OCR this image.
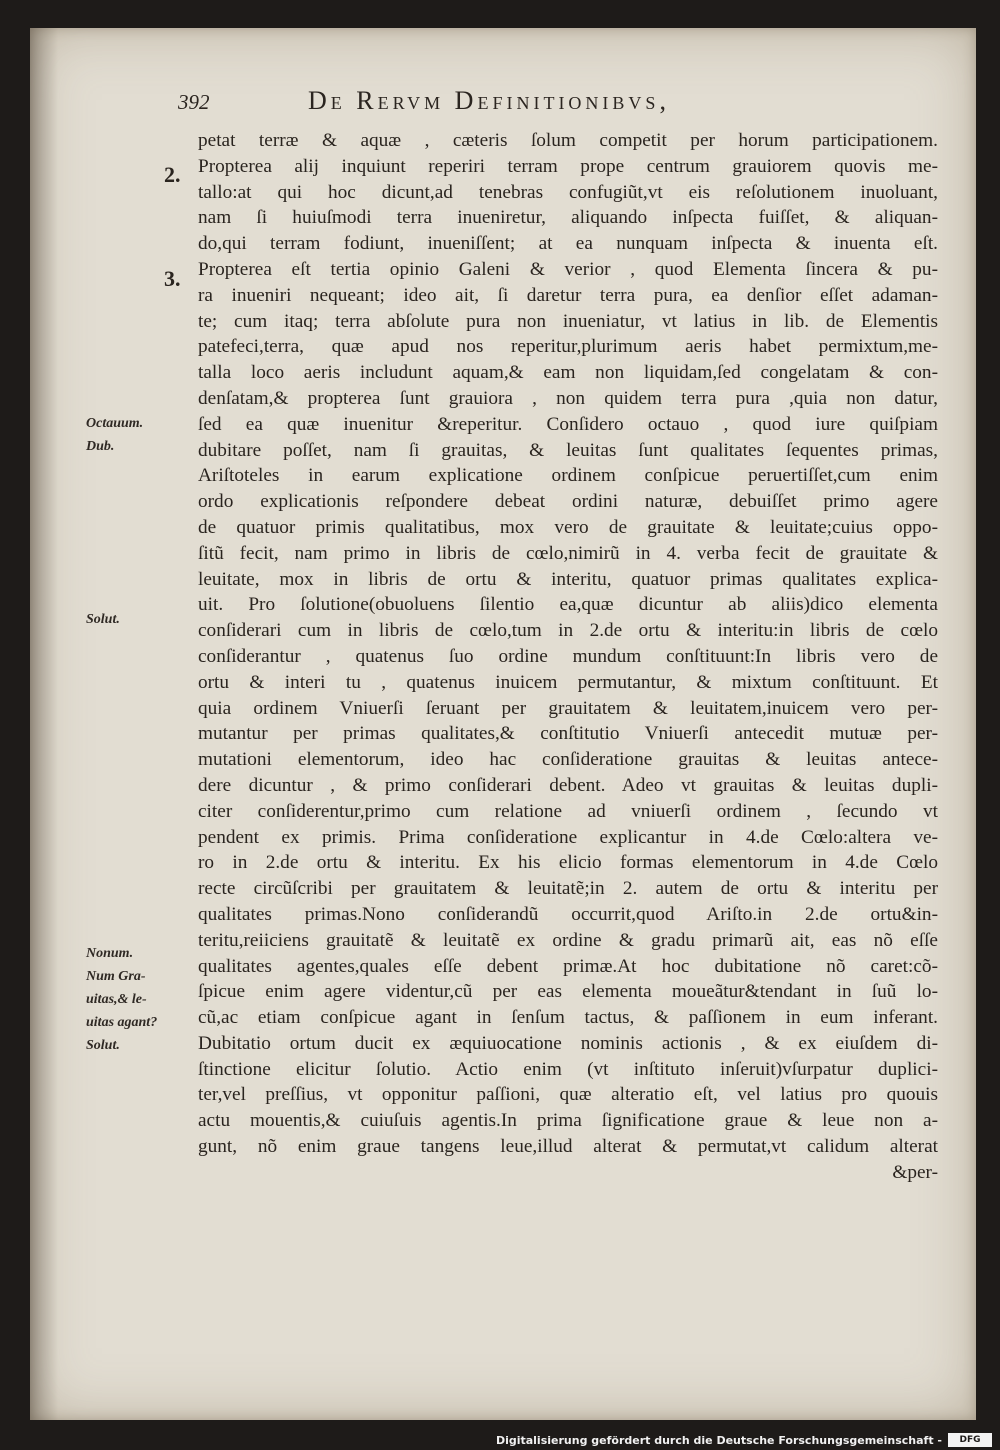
392	De Rervm Definitionibvs,
2.
3.
Octauum.
Dub.
Solut.
Nonum.
Num Gra-
uitas,& le-
uitas agant?
Solut.
petat terræ & aquæ , cæteris ſolum competit per horum participationem.
Propterea alij inquiunt reperiri terram prope centrum grauiorem quovis me-
tallo:at qui hoc dicunt,ad tenebras confugiũt,vt eis reſolutionem inuoluant,
nam ſi huiuſmodi terra inueniretur, aliquando inſpecta fuiſſet, & aliquan-
do,qui terram fodiunt, inueniſſent; at ea nunquam inſpecta & inuenta eſt.
Propterea eſt tertia opinio Galeni & verior , quod Elementa ſincera & pu-
ra inueniri nequeant; ideo ait, ſi daretur terra pura, ea denſior eſſet adaman-
te; cum itaq; terra abſolute pura non inueniatur, vt latius in lib. de Elementis
patefeci,terra, quæ apud nos reperitur,plurimum aeris habet permixtum,me-
talla loco aeris includunt aquam,& eam non liquidam,ſed congelatam & con-
denſatam,& propterea ſunt grauiora , non quidem terra pura ,quia non datur,
ſed ea quæ inuenitur &reperitur. Conſidero octauo , quod iure quiſpiam
dubitare poſſet, nam ſi grauitas, & leuitas ſunt qualitates ſequentes primas,
Ariſtoteles in earum explicatione ordinem conſpicue peruertiſſet,cum enim
ordo explicationis reſpondere debeat ordini naturæ, debuiſſet primo agere
de quatuor primis qualitatibus, mox vero de grauitate & leuitate;cuius oppo-
ſitũ fecit, nam primo in libris de cœlo,nimirũ in 4. verba fecit de grauitate &
leuitate, mox in libris de ortu & interitu, quatuor primas qualitates explica-
uit. Pro ſolutione(obuoluens ſilentio ea,quæ dicuntur ab aliis)dico elementa
conſiderari cum in libris de cœlo,tum in 2.de ortu & interitu:in libris de cœlo
conſiderantur , quatenus ſuo ordine mundum conſtituunt:In libris vero de
ortu & interi tu , quatenus inuicem permutantur, & mixtum conſtituunt. Et
quia ordinem Vniuerſi ſeruant per grauitatem & leuitatem,inuicem vero per-
mutantur per primas qualitates,& conſtitutio Vniuerſi antecedit mutuæ per-
mutationi elementorum, ideo hac conſideratione grauitas & leuitas antece-
dere dicuntur , & primo conſiderari debent. Adeo vt grauitas & leuitas dupli-
citer conſiderentur,primo cum relatione ad vniuerſi ordinem , ſecundo vt
pendent ex primis. Prima conſideratione explicantur in 4.de Cœlo:altera ve-
ro in 2.de ortu & interitu. Ex his elicio formas elementorum in 4.de Cœlo
recte circũſcribi per grauitatem & leuitatẽ;in 2. autem de ortu & interitu per
qualitates primas.Nono conſiderandũ occurrit,quod Ariſto.in 2.de ortu&in-
teritu,reiiciens grauitatẽ & leuitatẽ ex ordine & gradu primarũ ait, eas nõ eſſe
qualitates agentes,quales eſſe debent primæ.At hoc dubitatione nõ caret:cõ-
ſpicue enim agere videntur,cũ per eas elementa moueãtur&tendant in ſuũ lo-
cũ,ac etiam conſpicue agant in ſenſum tactus, & paſſionem in eum inferant.
Dubitatio ortum ducit ex æquiuocatione nominis actionis , & ex eiuſdem di-
ſtinctione elicitur ſolutio. Actio enim (vt inſtituto inſeruit)vſurpatur duplici-
ter,vel preſſius, vt opponitur paſſioni, quæ alteratio eſt, vel latius pro quouis
actu mouentis,& cuiuſuis agentis.In prima ſignificatione graue & leue non a-
gunt, nõ enim graue tangens leue,illud alterat & permutat,vt calidum alterat
&per-
Digitalisierung gefördert durch die Deutsche Forschungsgemeinschaft -	DFG
